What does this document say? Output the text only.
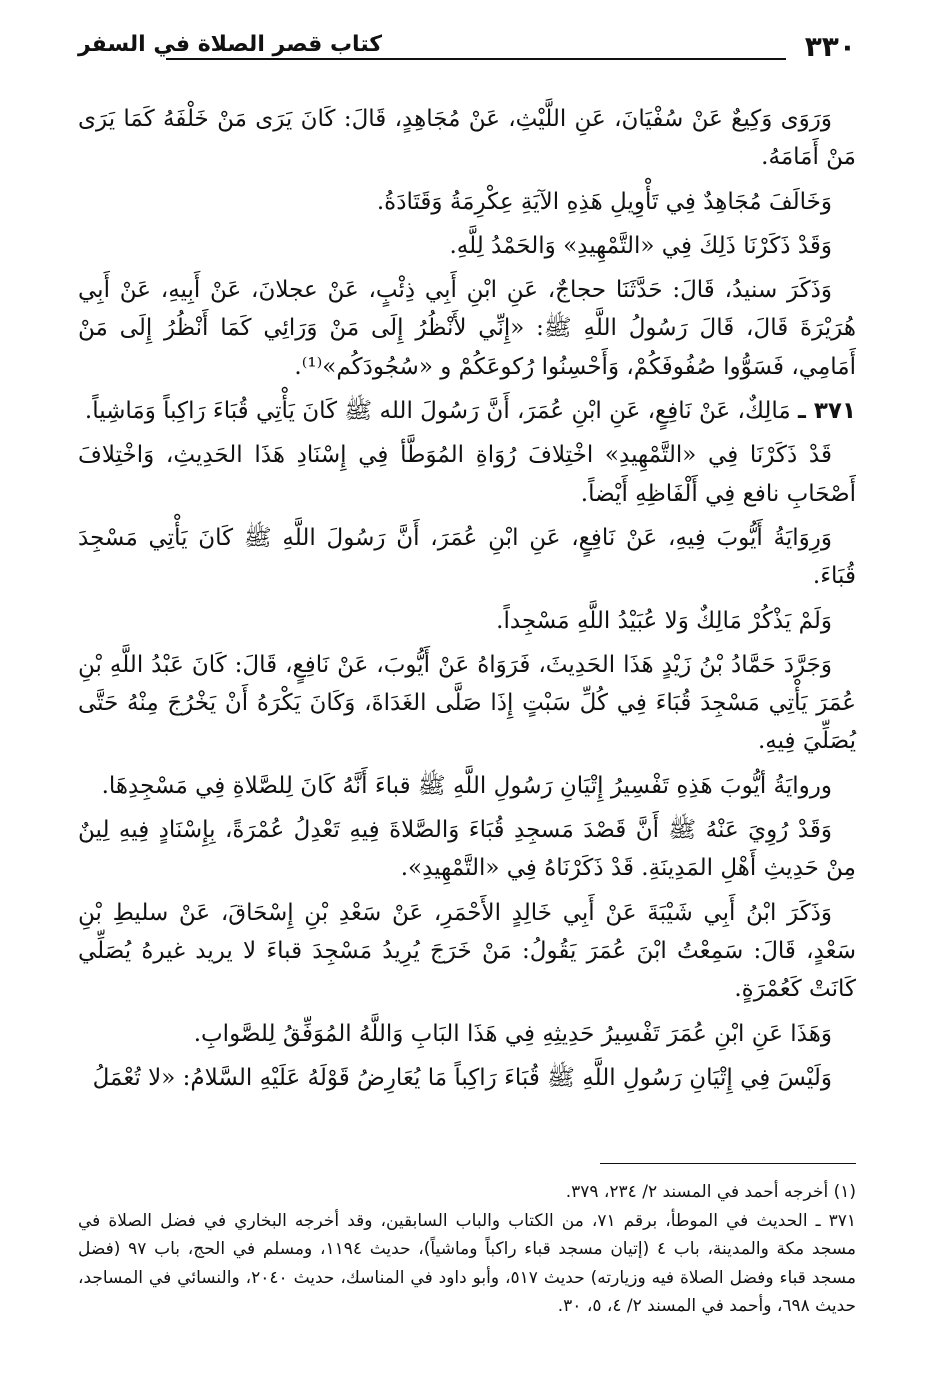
٣٣٠
كتاب قصر الصلاة في السفر

وَرَوَى وَكِيعٌ عَنْ سُفْيَانَ، عَنِ اللَّيْثِ، عَنْ مُجَاهِدٍ، قَالَ: كَانَ يَرَى مَنْ خَلْفَهُ كَمَا يَرَى مَنْ أَمَامَهُ.

وَخَالَفَ مُجَاهِدٌ فِي تَأْوِيلِ هَذِهِ الآيَةِ عِكْرِمَةُ وَقَتَادَةُ.

وَقَدْ ذَكَرْنَا ذَلِكَ فِي «التَّمْهِيدِ» وَالحَمْدُ لِلَّهِ.

وَذَكَرَ سنيدُ، قَالَ: حَدَّثَنَا حجاجٌ، عَنِ ابْنِ أَبِي ذِئْبٍ، عَنْ عجلانَ، عَنْ أَبِيهِ، عَنْ أَبِي هُرَيْرَةَ قَالَ، قَالَ رَسُولُ اللَّهِ ﷺ: «إِنِّي لأَنْظُرُ إِلَى مَنْ وَرَائِي كَمَا أَنْظُرُ إِلَى مَنْ أَمَامِي، فَسَوُّوا صُفُوفَكُمْ، وَأَحْسِنُوا رُكوعَكُمْ و «سُجُودَكُم»⁽¹⁾.

٣٧١ ـ مَالِكٌ، عَنْ نَافِعٍ، عَنِ ابْنِ عُمَرَ، أَنَّ رَسُولَ الله ﷺ كَانَ يَأْتِي قُبَاءَ رَاكِباً وَمَاشِياً.

قَدْ ذَكَرْنَا فِي «التَّمْهِيدِ» اخْتِلافَ رُوَاةِ المُوَطَّأ فِي إِسْنَادِ هَذَا الحَدِيثِ، وَاخْتِلافَ أَصْحَابِ نافع فِي أَلْفَاظِهِ أَيْضاً.

وَرِوَايَةُ أَيُّوبَ فِيهِ، عَنْ نَافِعٍ، عَنِ ابْنِ عُمَرَ، أَنَّ رَسُولَ اللَّهِ ﷺ كَانَ يَأْتِي مَسْجِدَ قُبَاءَ.

وَلَمْ يَذْكُرْ مَالِكٌ وَلا عُبَيْدُ اللَّهِ مَسْجِداً.

وَجَرَّدَ حَمَّادُ بْنُ زَيْدٍ هَذَا الحَدِيثَ، فَرَوَاهُ عَنْ أَيُّوبَ، عَنْ نَافِعٍ، قَالَ: كَانَ عَبْدُ اللَّهِ بْنِ عُمَرَ يَأْتِي مَسْجِدَ قُبَاءَ فِي كُلِّ سَبْتٍ إِذَا صَلَّى الغَدَاةَ، وَكَانَ يَكْرَهُ أَنْ يَخْرُجَ مِنْهُ حَتَّى يُصَلِّيَ فِيهِ.

وروايَةُ أيُّوبَ هَذِهِ تَفْسِيرُ إِتْيَانِ رَسُولِ اللَّهِ ﷺ قباءَ أَنَّهُ كَانَ لِلصَّلاةِ فِي مَسْجِدِهَا.

وَقَدْ رُوِيَ عَنْهُ ﷺ أَنَّ قَصْدَ مَسجِدِ قُبَاءَ وَالصَّلاةَ فِيهِ تَعْدِلُ عُمْرَةً، بِإِسْنَادٍ فِيهِ لِينٌ مِنْ حَدِيثِ أَهْلِ المَدِينَةِ. قَدْ ذَكَرْنَاهُ فِي «التَّمْهِيدِ».

وَذَكَرَ ابْنُ أَبِي شَيْبَةَ عَنْ أَبِي خَالِدٍ الأَحْمَرِ، عَنْ سَعْدِ بْنِ إِسْحَاقَ، عَنْ سليطِ بْنِ سَعْدٍ، قَالَ: سَمِعْتُ ابْنَ عُمَرَ يَقُولُ: مَنْ خَرَجَ يُرِيدُ مَسْجِدَ قباءَ لا يريد غيرهُ يُصَلِّي كَانَتْ كَعُمْرَةٍ.

وَهَذَا عَنِ ابْنِ عُمَرَ تَفْسِيرُ حَدِيثِهِ فِي هَذَا البَابِ وَاللَّهُ المُوَفِّقُ لِلصَّوابِ.

وَلَيْسَ فِي إِتْيَانِ رَسُولِ اللَّهِ ﷺ قُبَاءَ رَاكِباً مَا يُعَارِضُ قَوْلَهُ عَلَيْهِ السَّلامُ: «لا تُعْمَلُ

(١) أخرجه أحمد في المسند ٢/ ٢٣٤، ٣٧٩.

٣٧١ ـ الحديث في الموطأ، برقم ٧١، من الكتاب والباب السابقين، وقد أخرجه البخاري في فضل الصلاة في مسجد مكة والمدينة، باب ٤ (إتيان مسجد قباء راكباً وماشياً)، حديث ١١٩٤، ومسلم في الحج، باب ٩٧ (فضل مسجد قباء وفضل الصلاة فيه وزيارته) حديث ٥١٧، وأبو داود في المناسك، حديث ٢٠٤٠، والنسائي في المساجد، حديث ٦٩٨، وأحمد في المسند ٢/ ٤، ٥، ٣٠.
